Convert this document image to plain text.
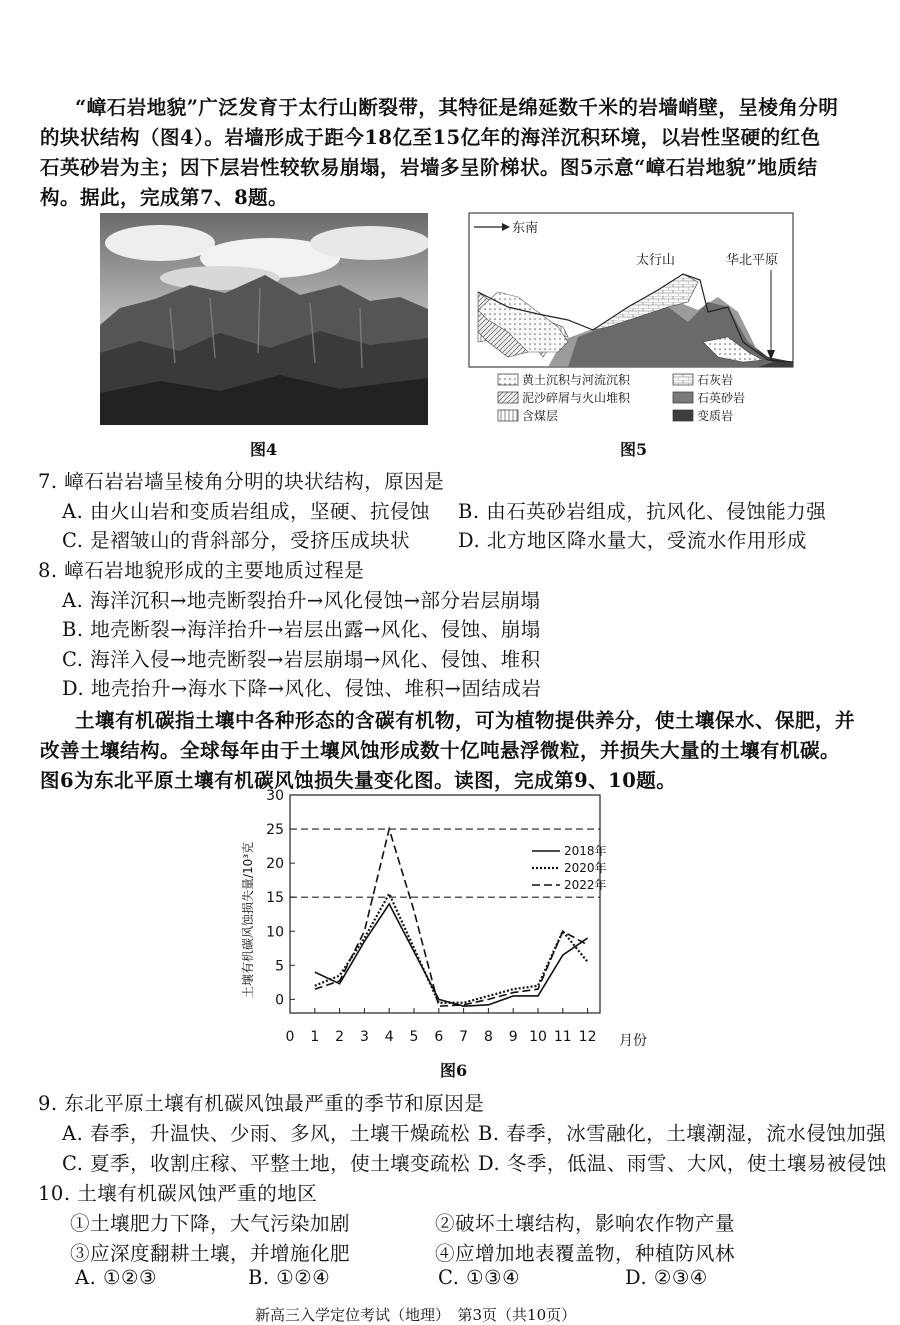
“嶂石岩地貌”广泛发育于太行山断裂带，其特征是绵延数千米的岩墙峭壁，呈棱角分明
的块状结构（图4）。岩墙形成于距今18亿至15亿年的海洋沉积环境，以岩性坚硬的红色
石英砂岩为主；因下层岩性较软易崩塌，岩墙多呈阶梯状。图5示意“嶂石岩地貌”地质结
构。据此，完成第7、8题。
图4
东南
太行山	华北平原
黄土沉积与河流沉积	石灰岩
泥沙碎屑与火山堆积	石英砂岩
含煤层	变质岩
图5
7. 嶂石岩岩墙呈棱角分明的块状结构，原因是
A. 由火山岩和变质岩组成，坚硬、抗侵蚀 B. 由石英砂岩组成，抗风化、侵蚀能力强
C. 是褶皱山的背斜部分，受挤压成块状 D. 北方地区降水量大，受流水作用形成
8. 嶂石岩地貌形成的主要地质过程是
A. 海洋沉积→地壳断裂抬升→风化侵蚀→部分岩层崩塌
B. 地壳断裂→海洋抬升→岩层出露→风化、侵蚀、崩塌
C. 海洋入侵→地壳断裂→岩层崩塌→风化、侵蚀、堆积
D. 地壳抬升→海水下降→风化、侵蚀、堆积→固结成岩
土壤有机碳指土壤中各种形态的含碳有机物，可为植物提供养分，使土壤保水、保肥，并
改善土壤结构。全球每年由于土壤风蚀形成数十亿吨悬浮微粒，并损失大量的土壤有机碳。
图6为东北平原土壤有机碳风蚀损失量变化图。读图，完成第9、10题。
土壤有机碳风蚀损失量/10³克
月份
0
5
10
15
20
25
30
0 1 2 3 4 5 6 7 8 9 10 11 12
2018年
2020年
2022年
图6
9. 东北平原土壤有机碳风蚀最严重的季节和原因是
A. 春季，升温快、少雨、多风，土壤干燥疏松 B. 春季，冰雪融化，土壤潮湿，流水侵蚀加强
C. 夏季，收割庄稼、平整土地，使土壤变疏松 D. 冬季，低温、雨雪、大风，使土壤易被侵蚀
10. 土壤有机碳风蚀严重的地区
①土壤肥力下降，大气污染加剧	②破坏土壤结构，影响农作物产量
③应深度翻耕土壤，并增施化肥	④应增加地表覆盖物，种植防风林
A. ①②③	B. ①②④	C. ①③④	D. ②③④
新高三入学定位考试（地理）　第3页（共10页）
